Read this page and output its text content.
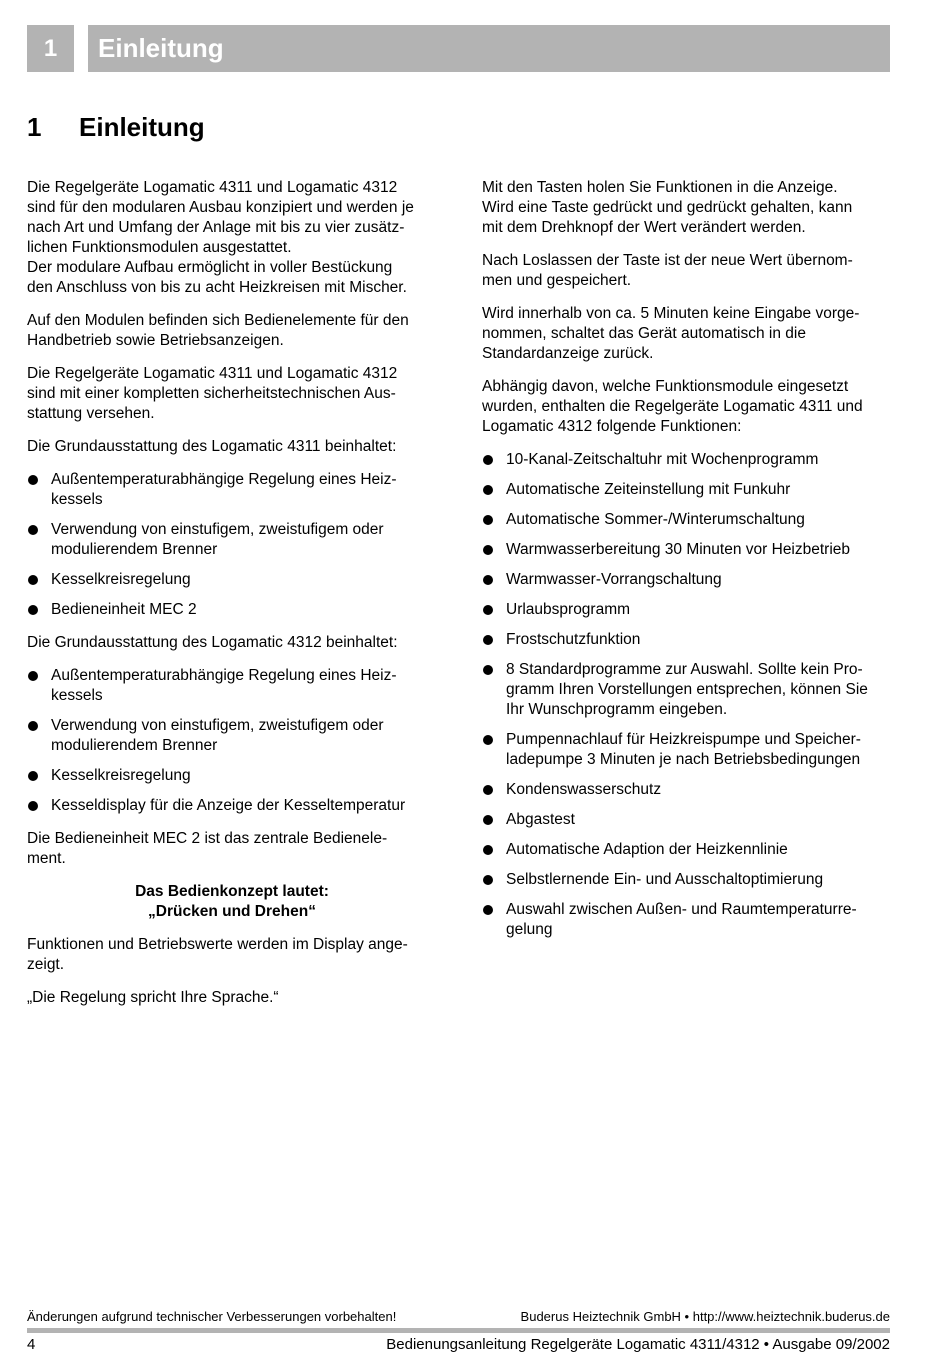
1	Einleitung
1	Einleitung

Die Regelgeräte Logamatic 4311 und Logamatic 4312
sind für den modularen Ausbau konzipiert und werden je
nach Art und Umfang der Anlage mit bis zu vier zusätz-
lichen Funktionsmodulen ausgestattet.
Der modulare Aufbau ermöglicht in voller Bestückung
den Anschluss von bis zu acht Heizkreisen mit Mischer.

Auf den Modulen befinden sich Bedienelemente für den
Handbetrieb sowie Betriebsanzeigen.

Die Regelgeräte Logamatic 4311 und Logamatic 4312
sind mit einer kompletten sicherheitstechnischen Aus-
stattung versehen.

Die Grundausstattung des Logamatic 4311 beinhaltet:

Außentemperaturabhängige Regelung eines Heiz-
kessels
Verwendung von einstufigem, zweistufigem oder
modulierendem Brenner
Kesselkreisregelung
Bedieneinheit MEC 2

Die Grundausstattung des Logamatic 4312 beinhaltet:

Außentemperaturabhängige Regelung eines Heiz-
kessels
Verwendung von einstufigem, zweistufigem oder
modulierendem Brenner
Kesselkreisregelung
Kesseldisplay für die Anzeige der Kesseltemperatur

Die Bedieneinheit MEC 2 ist das zentrale Bedienele-
ment.

Das Bedienkonzept lautet:
„Drücken und Drehen“

Funktionen und Betriebswerte werden im Display ange-
zeigt.

„Die Regelung spricht Ihre Sprache.“

Mit den Tasten holen Sie Funktionen in die Anzeige.
Wird eine Taste gedrückt und gedrückt gehalten, kann
mit dem Drehknopf der Wert verändert werden.

Nach Loslassen der Taste ist der neue Wert übernom-
men und gespeichert.

Wird innerhalb von ca. 5 Minuten keine Eingabe vorge-
nommen, schaltet das Gerät automatisch in die
Standardanzeige zurück.

Abhängig davon, welche Funktionsmodule eingesetzt
wurden, enthalten die Regelgeräte Logamatic 4311 und
Logamatic 4312 folgende Funktionen:

10-Kanal-Zeitschaltuhr mit Wochenprogramm
Automatische Zeiteinstellung mit Funkuhr
Automatische Sommer-/Winterumschaltung
Warmwasserbereitung 30 Minuten vor Heizbetrieb
Warmwasser-Vorrangschaltung
Urlaubsprogramm
Frostschutzfunktion
8 Standardprogramme zur Auswahl. Sollte kein Pro-
gramm Ihren Vorstellungen entsprechen, können Sie
Ihr Wunschprogramm eingeben.
Pumpennachlauf für Heizkreispumpe und Speicher-
ladepumpe 3 Minuten je nach Betriebsbedingungen
Kondenswasserschutz
Abgastest
Automatische Adaption der Heizkennlinie
Selbstlernende Ein- und Ausschaltoptimierung
Auswahl zwischen Außen- und Raumtemperaturre-
gelung
Änderungen aufgrund technischer Verbesserungen vorbehalten!	Buderus Heiztechnik GmbH • http://www.heiztechnik.buderus.de
4	Bedienungsanleitung Regelgeräte Logamatic 4311/4312 • Ausgabe 09/2002
